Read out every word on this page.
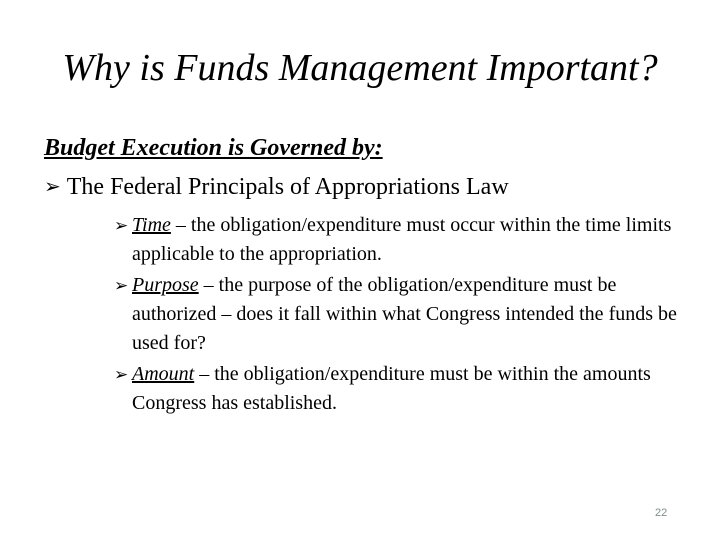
Why is Funds Management Important?
Budget Execution is Governed by:
➢ The Federal Principals of Appropriations Law
➢ Time – the obligation/expenditure must occur within the time limits applicable to the appropriation.
➢ Purpose – the purpose of the obligation/expenditure must be authorized – does it fall within what Congress intended the funds be used for?
➢ Amount – the obligation/expenditure must be within the amounts Congress has established.
22
